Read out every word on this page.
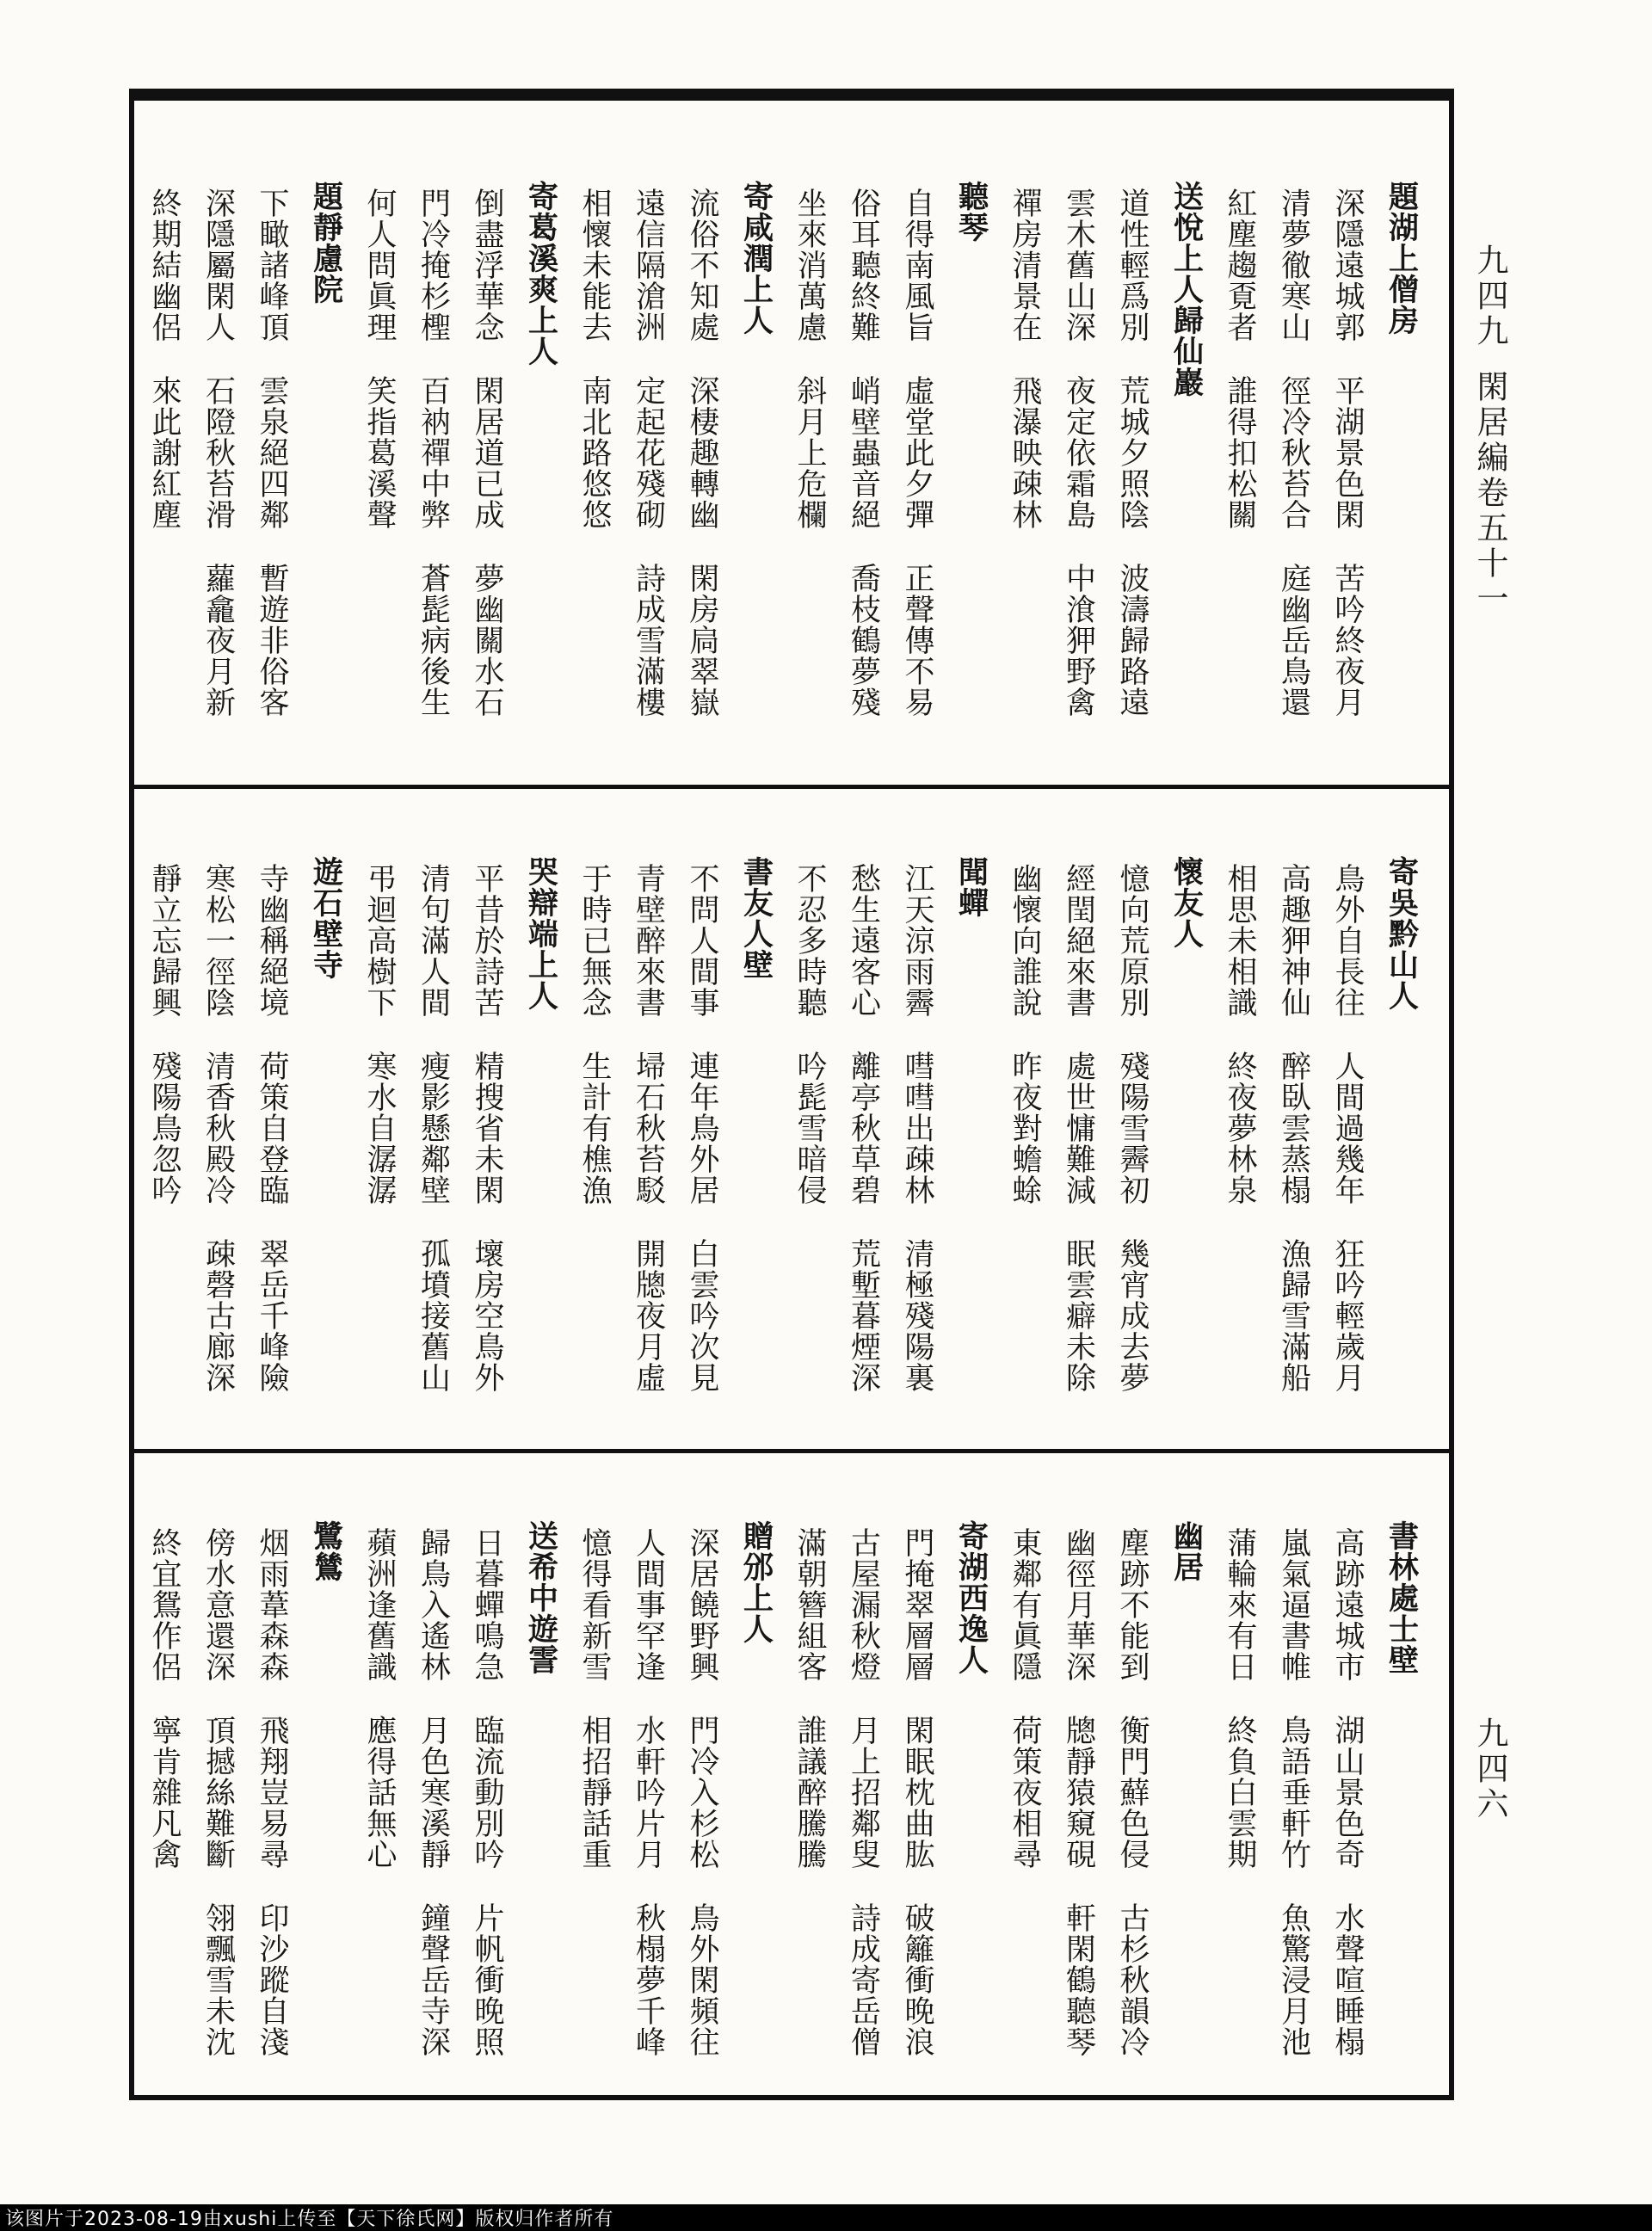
題湖上僧房
深隱遠城郭
平湖景色閑
苦吟終夜月
清夢徹寒山
徑冷秋苔合
庭幽岳鳥還
紅塵趨覔者
誰得扣松關
送悅上人歸仙巖
道性輕爲別
荒城夕照陰
波濤歸路遠
雲木舊山深
夜定依霜島
中湌狎野禽
禪房清景在
飛瀑映疎林
聽琴
自得南風旨
虛堂此夕彈
正聲傳不易
俗耳聽終難
峭壁蟲音絕
喬枝鶴夢殘
坐來消萬慮
斜月上危欄
寄咸潤上人
流俗不知處
深棲趣轉幽
閑房扃翠嶽
遠信隔滄洲
定起花殘砌
詩成雪滿樓
相懷未能去
南北路悠悠
寄葛溪爽上人
倒盡浮華念
閑居道已成
夢幽關水石
門冷掩杉檉
百衲禪中弊
蒼髭病後生
何人問眞理
笑指葛溪聲
題靜慮院
下瞰諸峰頂
雲泉絕四鄰
暫遊非俗客
深隱屬閑人
石隥秋苔滑
蘿龕夜月新
終期結幽侶
來此謝紅塵
寄吳黔山人
鳥外自長往
人間過幾年
狂吟輕歲月
高趣狎神仙
醉臥雲蒸榻
漁歸雪滿船
相思未相識
終夜夢林泉
懷友人
憶向荒原別
殘陽雪霽初
幾宵成去夢
經閏絕來書
處世慵難減
眠雲癖未除
幽懷向誰說
昨夜對蟾蜍
聞蟬
江天涼雨霽
嘒嘒出疎林
清極殘陽裏
愁生遠客心
離亭秋草碧
荒塹暮煙深
不忍多時聽
吟髭雪暗侵
書友人壁
不問人間事
連年鳥外居
白雲吟次見
青壁醉來書
埽石秋苔駁
開牕夜月虛
于時已無念
生計有樵漁
哭辯端上人
平昔於詩苦
精搜省未閑
壞房空鳥外
清句滿人間
瘦影懸鄰壁
孤墳接舊山
弔迴高樹下
寒水自潺潺
遊石壁寺
寺幽稱絕境
荷策自登臨
翠岳千峰險
寒松一徑陰
清香秋殿冷
疎磬古廊深
靜立忘歸興
殘陽鳥忽吟
書林處士壁
高跡遠城市
湖山景色奇
水聲喧睡榻
嵐氣逼書帷
鳥語垂軒竹
魚驚浸月池
蒲輪來有日
終負白雲期
幽居
塵跡不能到
衡門蘚色侵
古杉秋韻冷
幽徑月華深
牕靜猿窺硯
軒閑鶴聽琴
東鄰有眞隱
荷策夜相尋
寄湖西逸人
門掩翠層層
閑眠枕曲肱
破籬衝晚浪
古屋漏秋燈
月上招鄰叟
詩成寄岳僧
滿朝簪組客
誰議醉騰騰
贈邠上人
深居饒野興
門冷入杉松
鳥外閑頻往
人間事罕逢
水軒吟片月
秋榻夢千峰
憶得看新雪
相招靜話重
送希中遊霅
日暮蟬鳴急
臨流動別吟
片帆衝晚照
歸鳥入遙林
月色寒溪靜
鐘聲岳寺深
蘋洲逢舊識
應得話無心
鷺鷥
烟雨葦森森
飛翔豈易尋
印沙蹤自淺
傍水意還深
頂撼絲難斷
翎飄雪未沈
終宜鴛作侶
寧肯雜凡禽
九四九
閑居編卷五十一
九四六
该图片于2023-08-19由xushi上传至【天下徐氏网】版权归作者所有
